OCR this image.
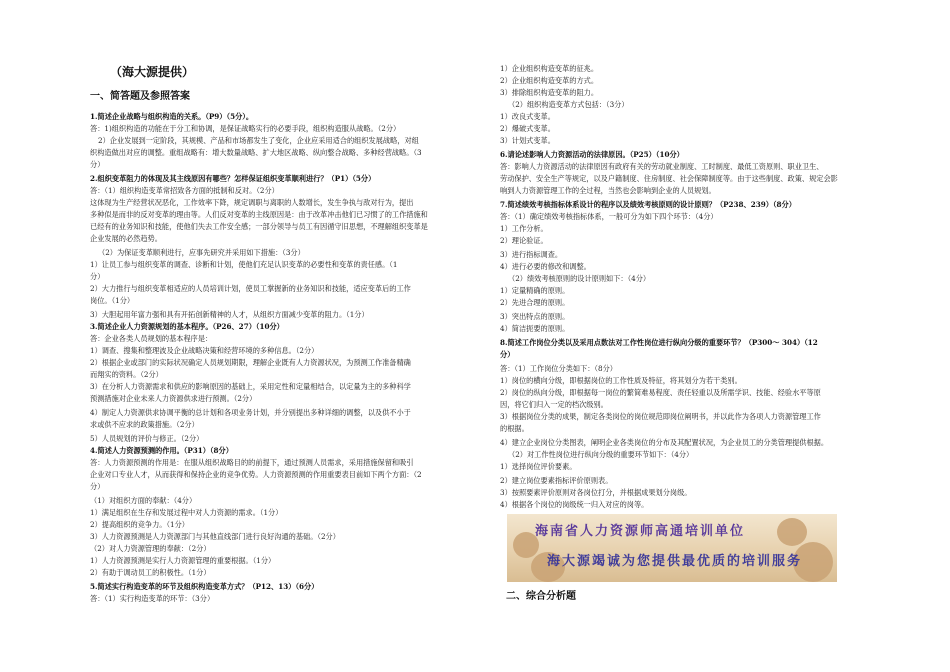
（海大源提供）
一、简答题及参照答案
1.简述企业战略与组织构造的关系。（P9）（5分）。
答：1)组织构造的功能在于分工和协调，是保证战略实行的必要手段，组织构造服从战略。（2分）
2）企业发展到一定阶段，其规模、产品和市场都发生了变化，企业应采用适合的组织发展战略，对组
织构造做出对应的调整。重组战略有：增大数量战略、扩大地区战略、纵向整合战略、多种经营战略。（3
分）
2.组织变革阻力的体现及其主线原因有哪些？怎样保证组织变革顺利进行？（P1）（5分）
答：（1）组织构造变革常招致各方面的抵制和反对。（2分）
这体现为生产经营状况恶化，工作效率下降，规定调职与离职的人数增长，发生争执与敌对行为，提出
多种似是而非的反对变革的理由等。人们反对变革的主线原因是：由于改革冲击他们已习惯了的工作措施和
已经有的业务知识和技能，使他们失去工作安全感；一部分领导与员工有因循守旧思想，不理解组织变革是
企业发展的必然趋势。
（2）为保证变革顺利进行，应事先研究并采用如下措施：（3分）
1）让员工参与组织变革的调查、诊断和计划，使他们充足认识变革的必要性和变革的责任感。（1
分）
2）大力推行与组织变革相适应的人员培训计划，使员工掌握新的业务知识和技能，适应变革后的工作
岗位。（1分）
3）大胆起用年富力强和具有开拓创新精神的人才，从组织方面减少变革的阻力。（1分）
3.简述企业人力资源规划的基本程序。（P26、27）（10分）
答：企业各类人员规划的基本程序是：
1）调查、搜集和整理波及企业战略决策和经营环境的多种信息。（2分）
2）根据企业或部门的实际状况确定人员规划期限，理解企业既有人力资源状况，为预测工作准备精确
而翔实的资料。（2分）
3）在分析人力资源需求和供应的影响原因的基础上，采用定性和定量相结合，以定量为主的多种科学
预测措施对企业未来人力资源供求进行预测。（2分）
4）制定人力资源供求协调平衡的总计划和各项业务计划，并分别提出多种详细的调整，以及供不小于
求或供不应求的政策措施。（2分）
5）人员规划的评价与修正。（2分）
4.简述人力资源预测的作用。（P31）（8分）
答：人力资源预测的作用是：在服从组织战略目的的前提下，通过预测人员需求，采用措施保留和吸引
企业对口专业人才，从而获得和保持企业的竞争优势。人力资源预测的作用重要表目前如下两个方面：（2
分）
（1）对组织方面的奉献：（4分）
1）满足组织在生存和发展过程中对人力资源的需求。（1分）
2）提高组织的竞争力。（1分）
3）人力资源预测是人力资源部门与其他直线部门进行良好沟通的基础。（2分）
（2）对人力资源管理的奉献：（2分）
1）人力资源预测是实行人力资源管理的重要根据。（1分）
2）有助于调动员工的积极性。（1分）
5.简述实行构造变革的环节及组织构造变革方式？（P12、13）（6分）
答：（1）实行构造变革的环节：（3分）
1）企业组织构造变革的征兆。
2）企业组织构造变革的方式。
3）排除组织构造变革的阻力。
（2）组织构造变革方式包括：（3分）
1）改良式变革。
2）爆破式变革。
3）计划式变革。
6.请论述影响人力资源活动的法律原因。（P25）（10分）
答：影响人力资源活动的法律原因有政府有关的劳动就业制度、工时制度、最低工资原则、职业卫生、
劳动保护、安全生产等规定，以及户籍制度、住房制度、社会保障制度等。由于这些制度、政策、规定会影
响到人力资源管理工作的全过程，当然也会影响到企业的人员规划。
7.简述绩效考核指标体系设计的程序以及绩效考核原则的设计原则？（P238、239）（8分）
答：（1）确定绩效考核指标体系，一般可分为如下四个环节：（4分）
1）工作分析。
2）理论验证。
3）进行指标调查。
4）进行必要的修改和调整。
（2）绩效考核原则的设计原则如下：（4分）
1）定量精确的原则。
2）先进合理的原则。
3）突出特点的原则。
4）简洁扼要的原则。
8.简述工作岗位分类以及采用点数法对工作性岗位进行纵向分级的重要环节？（P300～ 304）（12
分）
答：（1）工作岗位分类如下：（8分）
1）岗位的横向分级，即根据岗位的工作性质及特征，将其划分为若干类别。
2）岗位的纵向分级，即根据每一岗位的繁简难易程度、责任轻重以及所需学识、技能、经验水平等原
因，将它们归入一定的档次级别。
3）根据岗位分类的成果，制定各类岗位的岗位规范即岗位阐明书，并以此作为各项人力资源管理工作
的根据。
4）建立企业岗位分类图表，阐明企业各类岗位的分布及其配置状况，为企业员工的分类管理提供根据。
（2）对工作性岗位进行纵向分级的重要环节如下：（4分）
1）选择岗位评价要素。
2）建立岗位要素指标评价原则表。
3）按照要素评价原则对各岗位打分，并根据成果划分岗级。
4）根据各个岗位的岗级统一归入对应的岗等。
二、综合分析题
海南省人力资源师高通培训单位
海大源竭诚为您提供最优质的培训服务
